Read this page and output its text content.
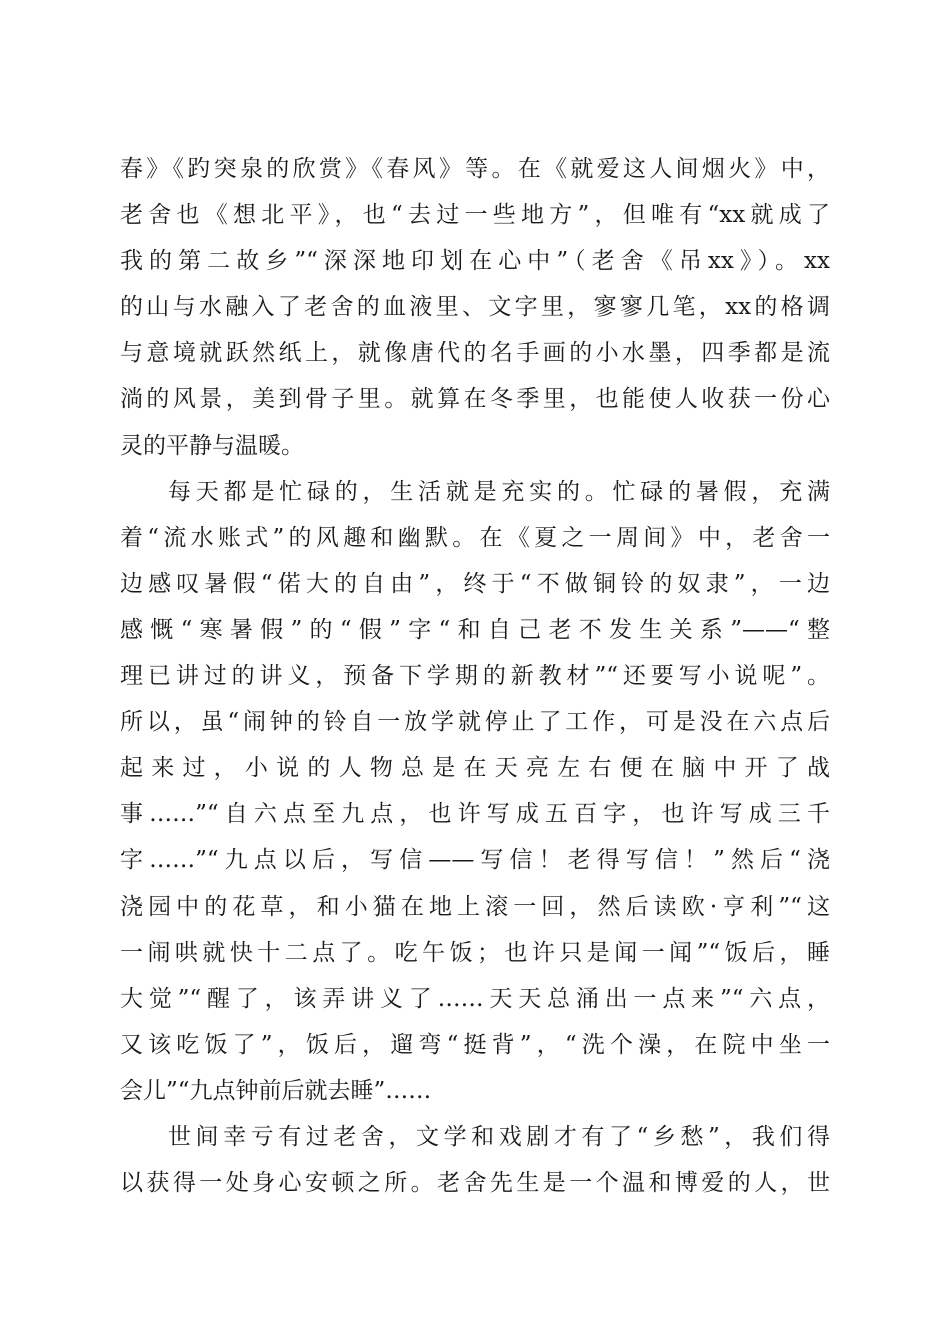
春》《趵突泉的欣赏》《春风》等。在《就爱这人间烟火》中，
老舍也《想北平》，也“去过一些地方”，但唯有“xx就成了
我的第二故乡”“深深地印划在心中”（老舍《吊xx》）。xx
的山与水融入了老舍的血液里、文字里，寥寥几笔，xx的格调
与意境就跃然纸上，就像唐代的名手画的小水墨，四季都是流
淌的风景，美到骨子里。就算在冬季里，也能使人收获一份心
灵的平静与温暖。
每天都是忙碌的，生活就是充实的。忙碌的暑假，充满
着“流水账式”的风趣和幽默。在《夏之一周间》中，老舍一
边感叹暑假“偌大的自由”，终于“不做铜铃的奴隶”，一边
感慨“寒暑假”的“假”字“和自己老不发生关系”——“整
理已讲过的讲义，预备下学期的新教材”“还要写小说呢”。
所以，虽“闹钟的铃自一放学就停止了工作，可是没在六点后
起来过，小说的人物总是在天亮左右便在脑中开了战
事……”“自六点至九点，也许写成五百字，也许写成三千
字……”“九点以后，写信——写信！老得写信！”然后“浇
浇园中的花草，和小猫在地上滚一回，然后读欧·亨利”“这
一闹哄就快十二点了。吃午饭；也许只是闻一闻”“饭后，睡
大觉”“醒了，该弄讲义了……天天总涌出一点来”“六点，
又该吃饭了”，饭后，遛弯“挺背”，“洗个澡，在院中坐一
会儿”“九点钟前后就去睡”……
世间幸亏有过老舍，文学和戏剧才有了“乡愁”，我们得
以获得一处身心安顿之所。老舍先生是一个温和博爱的人，世
